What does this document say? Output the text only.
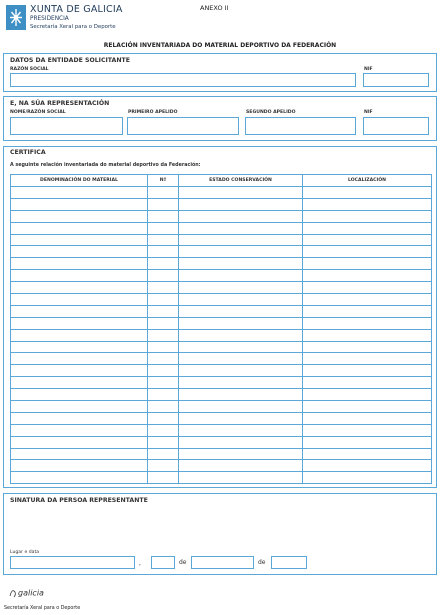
XUNTA DE GALICIA
PRESIDENCIA
Secretaría Xeral para o Deporte
ANEXO II
RELACIÓN INVENTARIADA DO MATERIAL DEPORTIVO DA FEDERACIÓN
DATOS DA ENTIDADE SOLICITANTE
RAZÓN SOCIAL	NIF
E, NA SÚA REPRESENTACIÓN
NOME/RAZÓN SOCIAL	PRIMEIRO APELIDO	SEGUNDO APELIDO	NIF
CERTIFICA
A seguinte relación inventariada do material deportivo da Federación:
DENOMINACIÓN DO MATERIAL	Nº	ESTADO CONSERVACIÓN	LOCALIZACIÓN

SINATURA DA PERSOA REPRESENTANTE
Lugar e data
,	de	de
galicia
Secretaría Xeral para o Deporte
